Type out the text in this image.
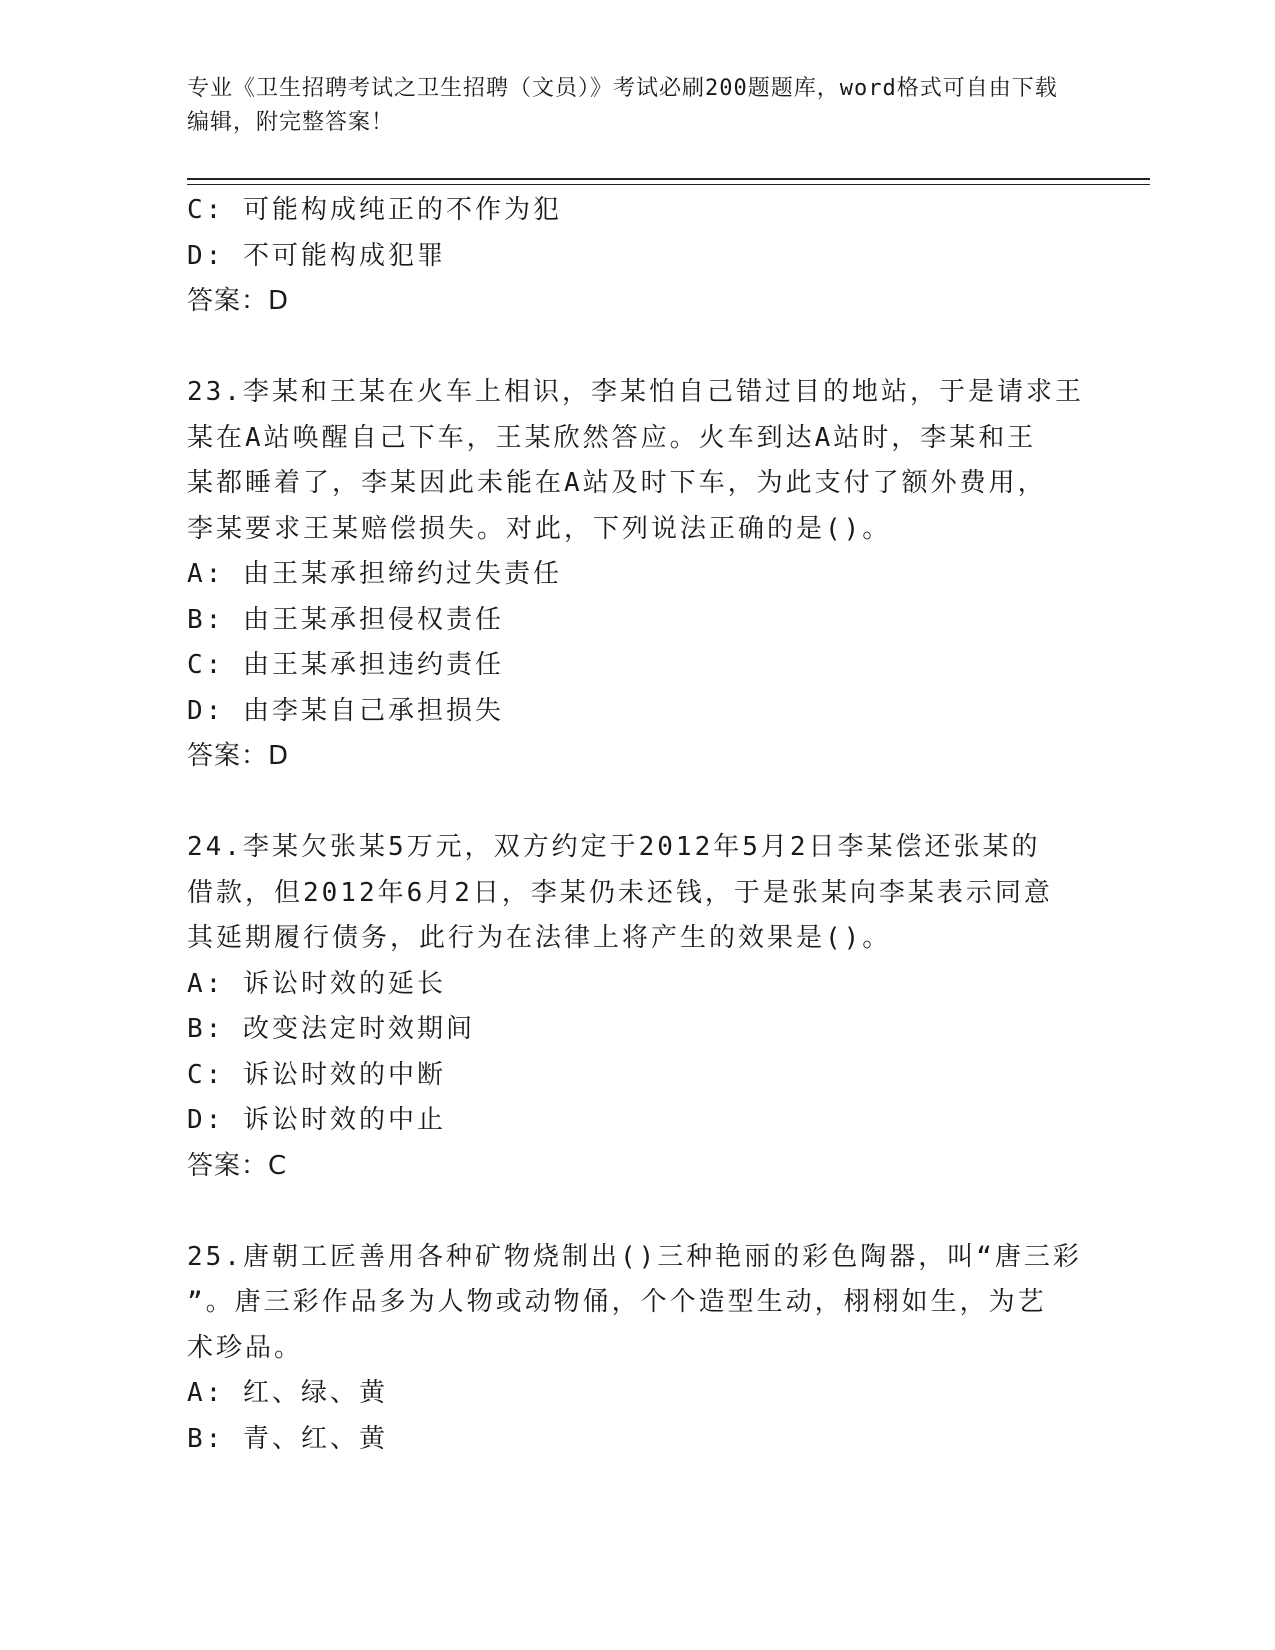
专业《卫生招聘考试之卫生招聘（文员）》考试必刷200题题库，word格式可自由下载编辑，附完整答案！
C: 可能构成纯正的不作为犯
D: 不可能构成犯罪
答案：D
23.李某和王某在火车上相识，李某怕自己错过目的地站，于是请求王
某在A站唤醒自己下车，王某欣然答应。火车到达A站时，李某和王
某都睡着了，李某因此未能在A站及时下车，为此支付了额外费用，
李某要求王某赔偿损失。对此，下列说法正确的是()。
A: 由王某承担缔约过失责任
B: 由王某承担侵权责任
C: 由王某承担违约责任
D: 由李某自己承担损失
答案：D
24.李某欠张某5万元，双方约定于2012年5月2日李某偿还张某的
借款，但2012年6月2日，李某仍未还钱，于是张某向李某表示同意
其延期履行债务，此行为在法律上将产生的效果是()。
A: 诉讼时效的延长
B: 改变法定时效期间
C: 诉讼时效的中断
D: 诉讼时效的中止
答案：C
25.唐朝工匠善用各种矿物烧制出()三种艳丽的彩色陶器，叫“唐三彩
”。唐三彩作品多为人物或动物俑，个个造型生动，栩栩如生，为艺
术珍品。
A: 红、绿、黄
B: 青、红、黄
